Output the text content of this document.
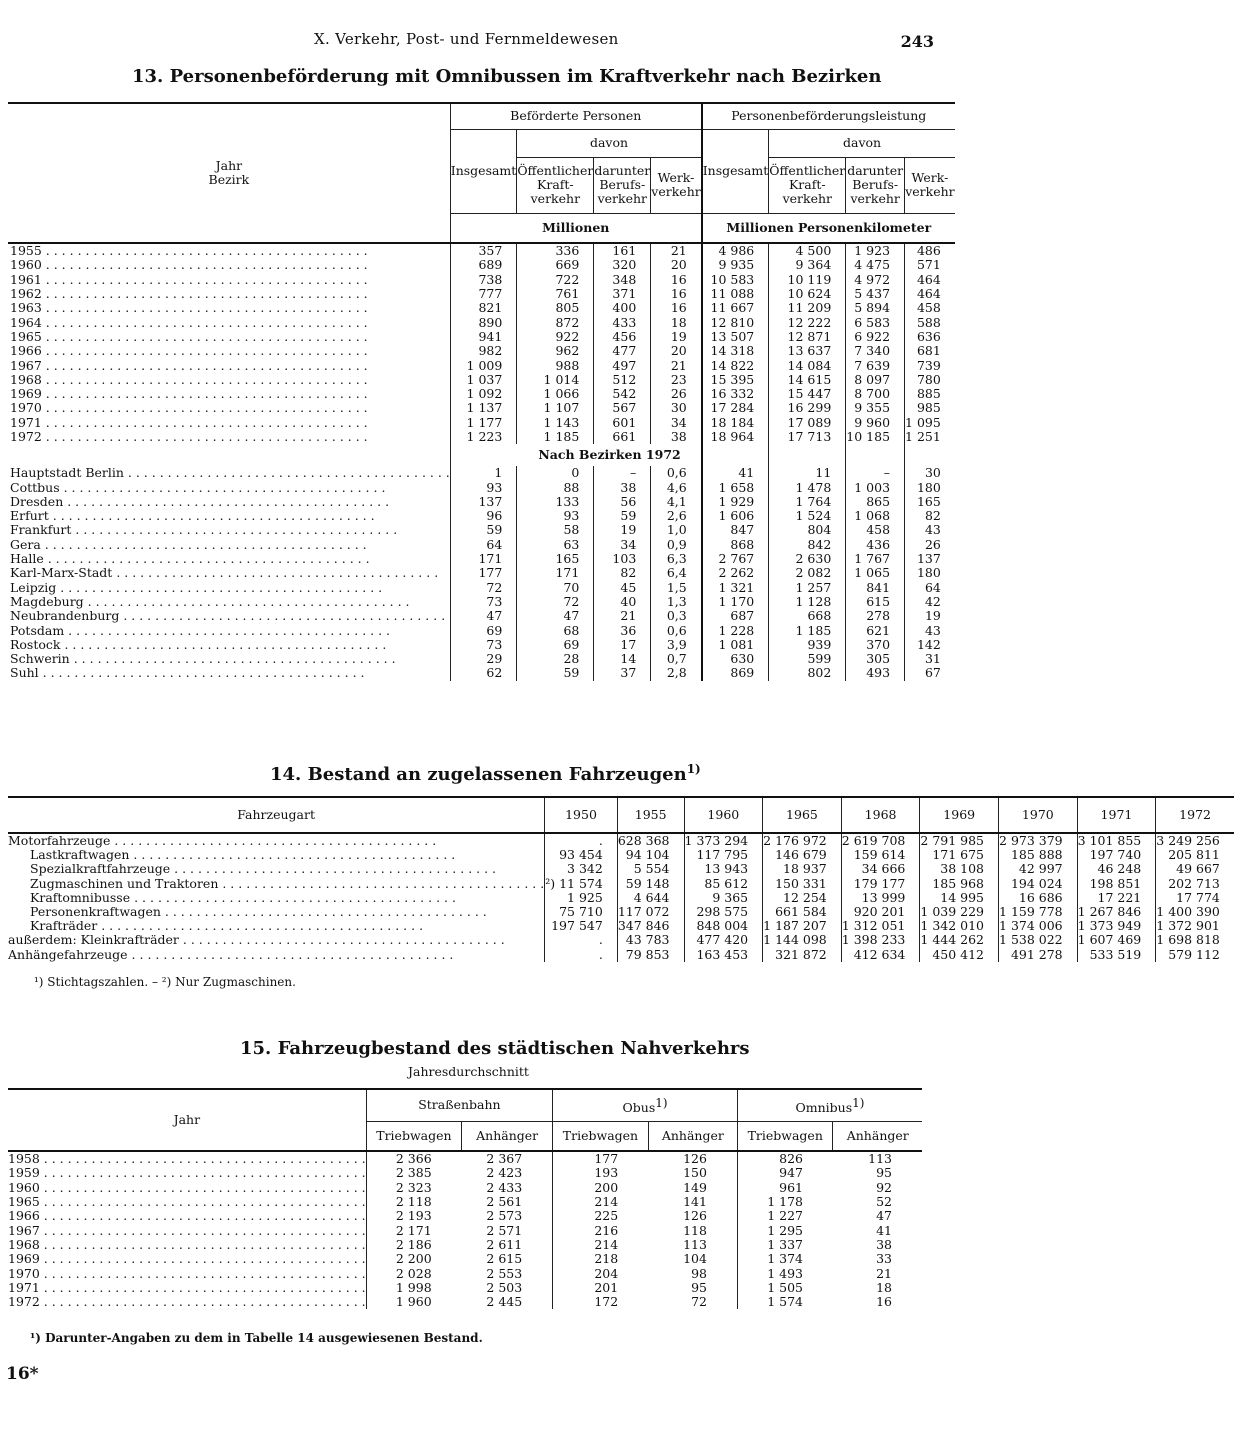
X. Verkehr, Post- und Fernmeldewesen	243
13. Personenbeförderung mit Omnibussen im Kraftverkehr nach Bezirken
Jahr
Bezirk	Beförderte Personen				Personenbeförderungsleistung			
	Insgesamt	davon			Insgesamt	davon		
		Öffentlicher Kraft-verkehr	darunter Berufs-verkehr	Werk-verkehr		Öffentlicher Kraft-verkehr	darunter Berufs-verkehr	Werk-verkehr
	Millionen				Millionen Personenkilometer			
1955 . . .	357	336	161	21	4 986	4 500	1 923	486
1960 . . .	689	669	320	20	9 935	9 364	4 475	571
1961 . . .	738	722	348	16	10 583	10 119	4 972	464
1962 . . .	777	761	371	16	11 088	10 624	5 437	464
1963 . . .	821	805	400	16	11 667	11 209	5 894	458
1964 . . .	890	872	433	18	12 810	12 222	6 583	588
1965 . . .	941	922	456	19	13 507	12 871	6 922	636
1966 . . .	982	962	477	20	14 318	13 637	7 340	681
1967 . . .	1 009	988	497	21	14 822	14 084	7 639	739
1968 . . .	1 037	1 014	512	23	15 395	14 615	8 097	780
1969 . . .	1 092	1 066	542	26	16 332	15 447	8 700	885
1970 . . .	1 137	1 107	567	30	17 284	16 299	9 355	985
1971 . . .	1 177	1 143	601	34	18 184	17 089	9 960	1 095
1972 . . .	1 223	1 185	661	38	18 964	17 713	10 185	1 251
	Nach Bezirken 1972							
Hauptstadt Berlin . . .	1	0	–	0,6	41	11	–	30
Cottbus . . .	93	88	38	4,6	1 658	1 478	1 003	180
Dresden . . .	137	133	56	4,1	1 929	1 764	865	165
Erfurt . . .	96	93	59	2,6	1 606	1 524	1 068	82
Frankfurt . . .	59	58	19	1,0	847	804	458	43
Gera . . .	64	63	34	0,9	868	842	436	26
Halle . . .	171	165	103	6,3	2 767	2 630	1 767	137
Karl-Marx-Stadt . . .	177	171	82	6,4	2 262	2 082	1 065	180
Leipzig . . .	72	70	45	1,5	1 321	1 257	841	64
Magdeburg . . .	73	72	40	1,3	1 170	1 128	615	42
Neubrandenburg . . .	47	47	21	0,3	687	668	278	19
Potsdam . . .	69	68	36	0,6	1 228	1 185	621	43
Rostock . . .	73	69	17	3,9	1 081	939	370	142
Schwerin . . .	29	28	14	0,7	630	599	305	31
Suhl . . .	62	59	37	2,8	869	802	493	67
14. Bestand an zugelassenen Fahrzeugen$^{1)}$
Fahrzeugart	1950	1955	1960	1965	1968	1969	1970	1971	1972
Motorfahrzeuge . . .	.	628 368	1 373 294	2 176 972	2 619 708	2 791 985	2 973 379	3 101 855	3 249 256
Lastkraftwagen . . .	93 454	94 104	117 795	146 679	159 614	171 675	185 888	197 740	205 811
Spezialkraftfahrzeuge . . .	3 342	5 554	13 943	18 937	34 666	38 108	42 997	46 248	49 667
Zugmaschinen und Traktoren . . .	²) 11 574	59 148	85 612	150 331	179 177	185 968	194 024	198 851	202 713
Kraftomnibusse . . .	1 925	4 644	9 365	12 254	13 999	14 995	16 686	17 221	17 774
Personenkraftwagen . . .	75 710	117 072	298 575	661 584	920 201	1 039 229	1 159 778	1 267 846	1 400 390
Krafträder . . .	197 547	347 846	848 004	1 187 207	1 312 051	1 342 010	1 374 006	1 373 949	1 372 901
außerdem: Kleinkrafträder . . .	.	43 783	477 420	1 144 098	1 398 233	1 444 262	1 538 022	1 607 469	1 698 818
Anhängefahrzeuge . . .	.	79 853	163 453	321 872	412 634	450 412	491 278	533 519	579 112
¹) Stichtagszahlen. – ²) Nur Zugmaschinen.
15. Fahrzeugbestand des städtischen Nahverkehrs
Jahresdurchschnitt
Jahr	Straßenbahn		Obus$^{1)}$		Omnibus$^{1)}$
	Triebwagen	Anhänger	Triebwagen	Anhänger	Triebwagen	Anhänger
1958 . . .	2 366	2 367	177	126	826	113
1959 . . .	2 385	2 423	193	150	947	95
1960 . . .	2 323	2 433	200	149	961	92
1965 . . .	2 118	2 561	214	141	1 178	52
1966 . . .	2 193	2 573	225	126	1 227	47
1967 . . .	2 171	2 571	216	118	1 295	41
1968 . . .	2 186	2 611	214	113	1 337	38
1969 . . .	2 200	2 615	218	104	1 374	33
1970 . . .	2 028	2 553	204	98	1 493	21
1971 . . .	1 998	2 503	201	95	1 505	18
1972 . . .	1 960	2 445	172	72	1 574	16
¹) Darunter-Angaben zu dem in Tabelle 14 ausgewiesenen Bestand.
16*
